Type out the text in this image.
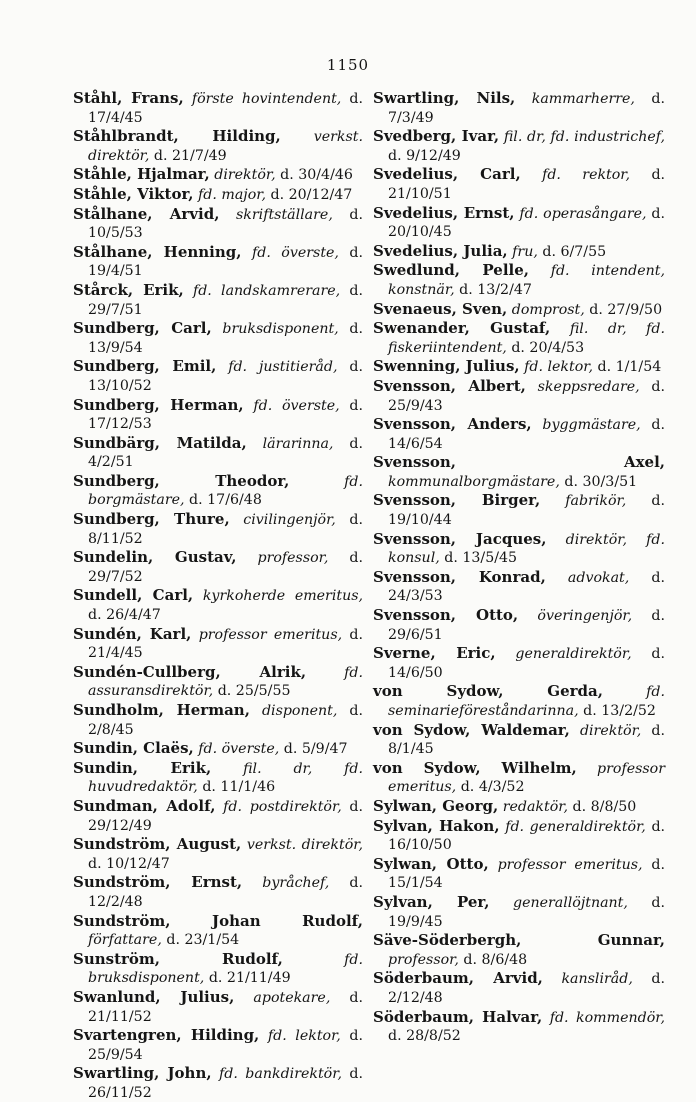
1150

Ståhl, Frans, förste hovintendent, d. 17/4/45

Ståhlbrandt, Hilding, verkst. direktör, d. 21/7/49

Ståhle, Hjalmar, direktör, d. 30/4/46

Ståhle, Viktor, fd. major, d. 20/12/47

Stålhane, Arvid, skriftställare, d. 10/5/53

Stålhane, Henning, fd. överste, d. 19/4/51

Stårck, Erik, fd. landskamrerare, d. 29/7/51

Sundberg, Carl, bruksdisponent, d. 13/9/54

Sundberg, Emil, fd. justitieråd, d. 13/10/52

Sundberg, Herman, fd. överste, d. 17/12/53

Sundbärg, Matilda, lärarinna, d. 4/2/51

Sundberg, Theodor,	fd. borgmästare, d. 17/6/48

Sundberg, Thure, civilingenjör, d. 8/11/52

Sundelin, Gustav, professor, d. 29/7/52

Sundell, Carl, kyrkoherde emeritus, d. 26/4/47

Sundén, Karl, professor emeritus, d. 21/4/45

Sundén-Cullberg, Alrik,	fd. assuransdirektör, d. 25/5/55

Sundholm, Herman, disponent, d. 2/8/45

Sundin, Claës, fd. överste, d. 5/9/47

Sundin, Erik, fil. dr, fd. huvudredaktör, d. 11/1/46

Sundman, Adolf, fd. postdirektör, d. 29/12/49

Sundström, August, verkst. direktör, d. 10/12/47

Sundström, Ernst, byråchef, d. 12/2/48

Sundström, Johan Rudolf, författare, d. 23/1/54

Sunström, Rudolf,	fd. bruksdisponent, d. 21/11/49

Swanlund, Julius, apotekare, d. 21/11/52

Svartengren, Hilding, fd. lektor, d. 25/9/54

Swartling, John, fd. bankdirektör, d. 26/11/52

Swartling, Nils, kammarherre, d. 7/3/49

Svedberg, Ivar, fil. dr, fd. industrichef, d. 9/12/49

Svedelius, Carl, fd. rektor, d. 21/10/51

Svedelius, Ernst, fd. operasångare, d. 20/10/45

Svedelius, Julia, fru, d. 6/7/55

Swedlund, Pelle, fd. intendent, konstnär, d. 13/2/47

Svenaeus, Sven, domprost, d. 27/9/50

Swenander, Gustaf, fil. dr, fd. fiskeriintendent, d. 20/4/53

Swenning, Julius, fd. lektor, d. 1/1/54

Svensson, Albert, skeppsredare, d. 25/9/43

Svensson, Anders, byggmästare, d. 14/6/54

Svensson, Axel, kommunalborgmästare, d. 30/3/51

Svensson, Birger, fabrikör, d. 19/10/44

Svensson, Jacques, direktör, fd. konsul, d. 13/5/45

Svensson, Konrad, advokat, d. 24/3/53

Svensson, Otto, överingenjör, d. 29/6/51

Sverne, Eric, generaldirektör, d. 14/6/50

von Sydow, Gerda,	fd. seminarieföreståndarinna, d. 13/2/52

von Sydow, Waldemar, direktör, d. 8/1/45

von Sydow, Wilhelm, professor emeritus, d. 4/3/52

Sylwan, Georg, redaktör, d. 8/8/50

Sylvan, Hakon, fd. generaldirektör, d. 16/10/50

Sylwan, Otto, professor emeritus, d. 15/1/54

Sylvan, Per, generallöjtnant, d. 19/9/45

Säve-Söderbergh, Gunnar, professor, d. 8/6/48

Söderbaum, Arvid, kansliråd, d. 2/12/48

Söderbaum, Halvar, fd. kommendör, d. 28/8/52
